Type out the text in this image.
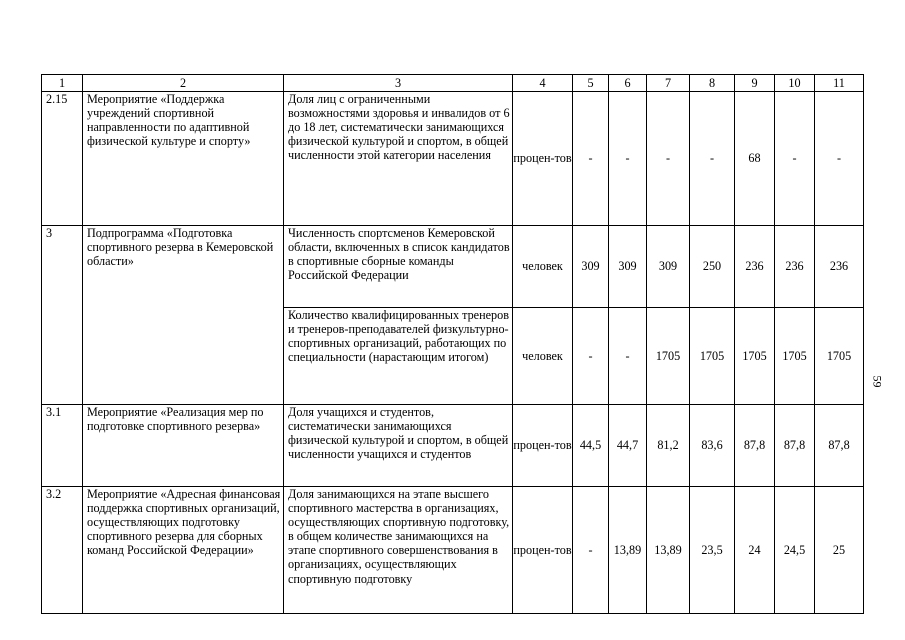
1	2	3	4	5	6	7	8	9	10	11
2.15	Мероприятие «Поддержка учреждений спортивной направленности по адаптивной физической культуре и спорту»	Доля лиц с ограниченными возможностями здоровья и инвалидов от 6 до 18 лет, систематически занимающихся физической культурой и спортом, в общей численности этой категории населения	процен-тов	-	-	-	-	68	-	-
3	Подпрограмма «Подготовка спортивного резерва в Кемеровской области»	Численность спортсменов Кемеровской области, включенных в список кандидатов в спортивные сборные команды Российской Федерации	человек	309	309	309	250	236	236	236
		Количество квалифицированных тренеров и тренеров-преподавателей физкультурно-спортивных организаций, работающих по специальности (нарастающим итогом)	человек	-	-	1705	1705	1705	1705	1705
3.1	Мероприятие «Реализация мер по подготовке спортивного резерва»	Доля учащихся и студентов, систематически занимающихся физической культурой и спортом, в общей численности учащихся и студентов	процен-тов	44,5	44,7	81,2	83,6	87,8	87,8	87,8
3.2	Мероприятие «Адресная финансовая поддержка спортивных организаций, осуществляющих подготовку спортивного резерва для сборных команд Российской Федерации»	Доля занимающихся на этапе высшего спортивного мастерства в организациях, осуществляющих спортивную подготовку, в общем количестве занимающихся на этапе спортивного совершенствования в организациях, осуществляющих спортивную подготовку	процен-тов	-	13,89	13,89	23,5	24	24,5	25
59
